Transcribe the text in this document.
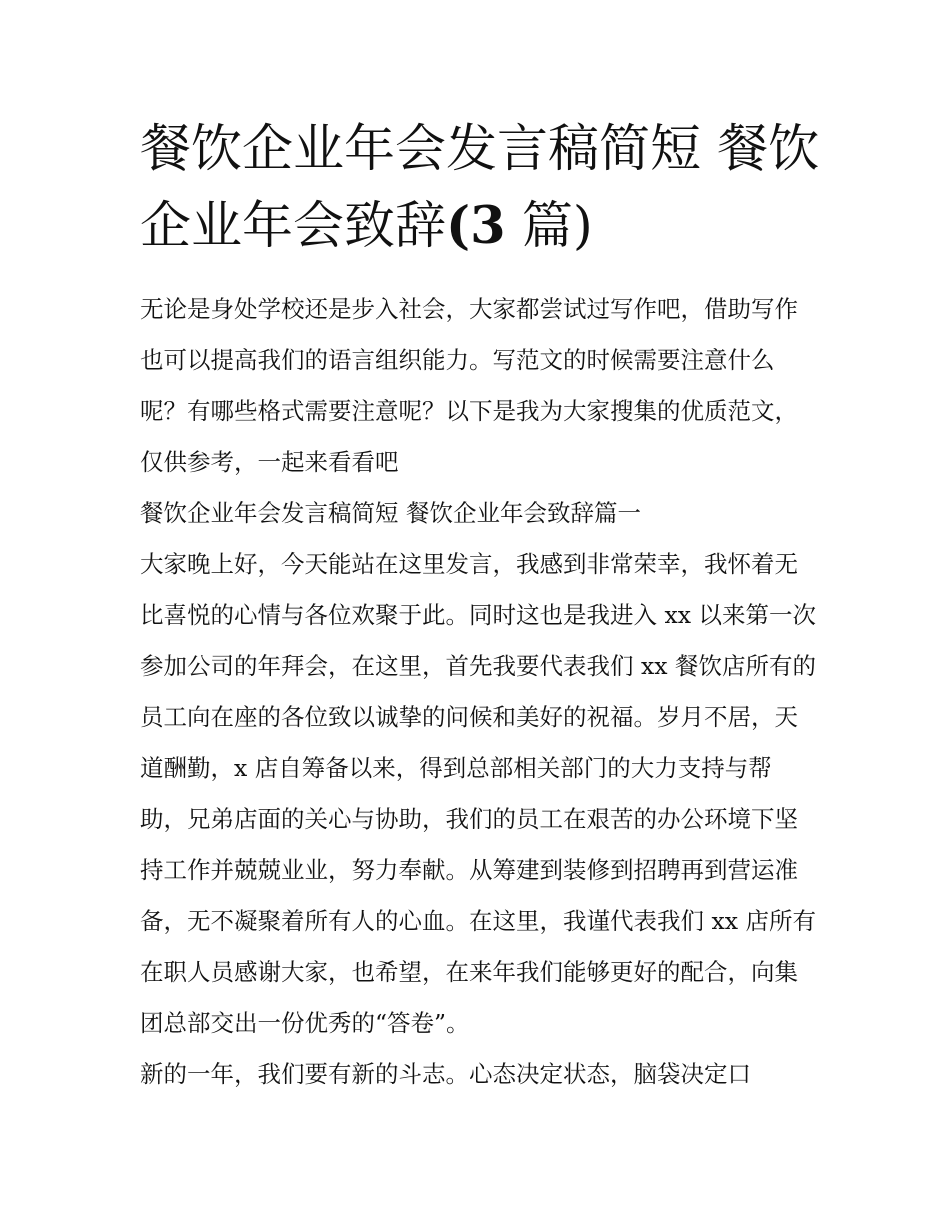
餐饮企业年会发言稿简短 餐饮企业年会致辞(3 篇)

无论是身处学校还是步入社会，大家都尝试过写作吧，借助写作也可以提高我们的语言组织能力。写范文的时候需要注意什么呢？有哪些格式需要注意呢？以下是我为大家搜集的优质范文，仅供参考，一起来看看吧

餐饮企业年会发言稿简短 餐饮企业年会致辞篇一

大家晚上好，今天能站在这里发言，我感到非常荣幸，我怀着无比喜悦的心情与各位欢聚于此。同时这也是我进入 xx 以来第一次参加公司的年拜会，在这里，首先我要代表我们 xx 餐饮店所有的员工向在座的各位致以诚挚的问候和美好的祝福。岁月不居，天道酬勤，x 店自筹备以来，得到总部相关部门的大力支持与帮助，兄弟店面的关心与协助，我们的员工在艰苦的办公环境下坚持工作并兢兢业业，努力奉献。从筹建到装修到招聘再到营运准备，无不凝聚着所有人的心血。在这里，我谨代表我们 xx 店所有在职人员感谢大家，也希望，在来年我们能够更好的配合，向集团总部交出一份优秀的“答卷”。

新的一年，我们要有新的斗志。心态决定状态，脑袋决定口
